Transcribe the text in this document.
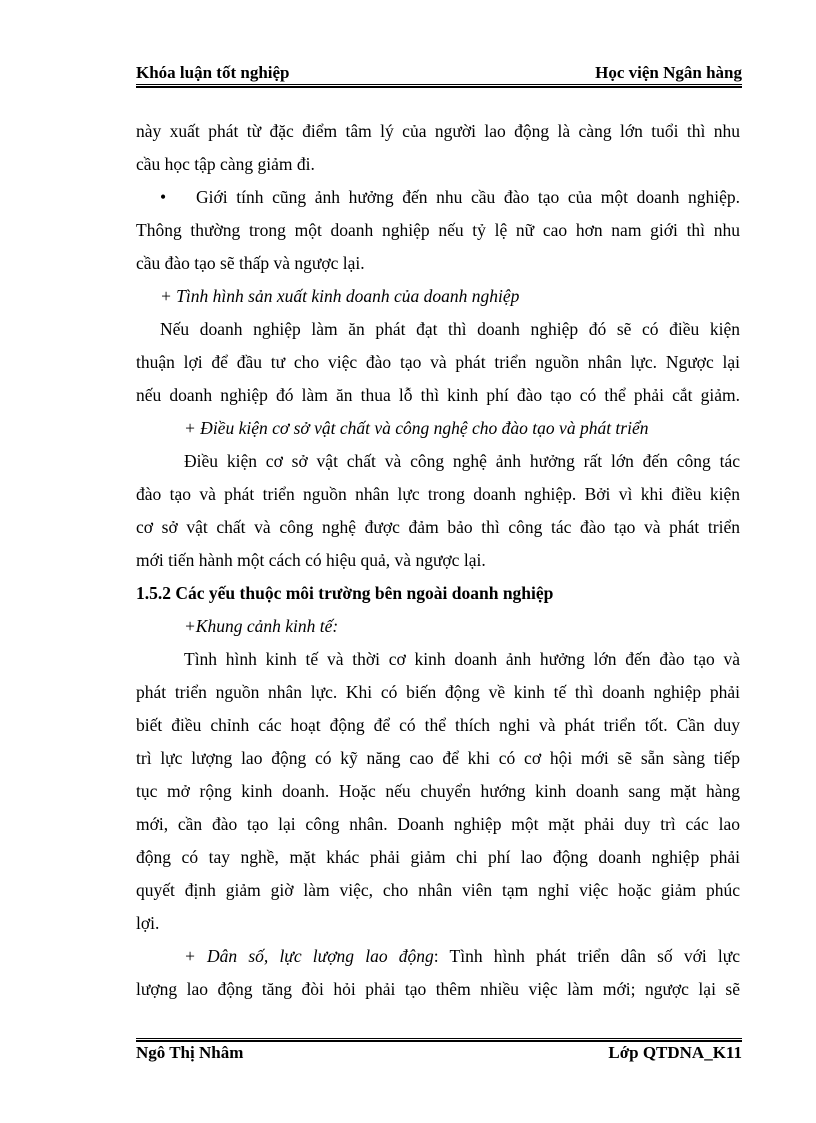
Khóa luận tốt nghiệp	Học viện Ngân hàng
này xuất phát từ đặc điểm tâm lý của người lao động là càng lớn tuổi thì nhu
cầu học tập càng giảm đi.
• Giới tính cũng ảnh hưởng đến nhu cầu đào tạo của một doanh nghiệp.
Thông thường trong một doanh nghiệp nếu tỷ lệ nữ cao hơn nam giới thì nhu
cầu đào tạo sẽ thấp và ngược lại.
+ Tình hình sản xuất kinh doanh của doanh nghiệp
Nếu doanh nghiệp làm ăn phát đạt thì doanh nghiệp đó sẽ có điều kiện
thuận lợi để đầu tư cho việc đào tạo và phát triển nguồn nhân lực. Ngược lại
nếu doanh nghiệp đó làm ăn thua lỗ thì kinh phí đào tạo có thể phải cắt giảm.
+ Điều kiện cơ sở vật chất và công nghệ cho đào tạo và phát triển
Điều kiện cơ sở vật chất và công nghệ ảnh hưởng rất lớn đến công tác
đào tạo và phát triển nguồn nhân lực trong doanh nghiệp. Bởi vì khi điều kiện
cơ sở vật chất và công nghệ được đảm bảo thì công tác đào tạo và phát triển
mới tiến hành một cách có hiệu quả, và ngược lại.
1.5.2 Các yếu thuộc môi trường bên ngoài doanh nghiệp
+Khung cảnh kinh tế:
Tình hình kinh tế và thời cơ kinh doanh ảnh hưởng lớn đến đào tạo và
phát triển nguồn nhân lực. Khi có biến động về kinh tế thì doanh nghiệp phải
biết điều chỉnh các hoạt động để có thể thích nghi và phát triển tốt. Cần duy
trì lực lượng lao động có kỹ năng cao để khi có cơ hội mới sẽ sẵn sàng tiếp
tục mở rộng kinh doanh. Hoặc nếu chuyển hướng kinh doanh sang mặt hàng
mới, cần đào tạo lại công nhân. Doanh nghiệp một mặt phải duy trì các lao
động có tay nghề, mặt khác phải giảm chi phí lao động doanh nghiệp phải
quyết định giảm giờ làm việc, cho nhân viên tạm nghỉ việc hoặc giảm phúc
lợi.
+ Dân số, lực lượng lao động: Tình hình phát triển dân số với lực
lượng lao động tăng đòi hỏi phải tạo thêm nhiều việc làm mới; ngược lại sẽ
Ngô Thị Nhâm	Lớp QTDNA_K11
